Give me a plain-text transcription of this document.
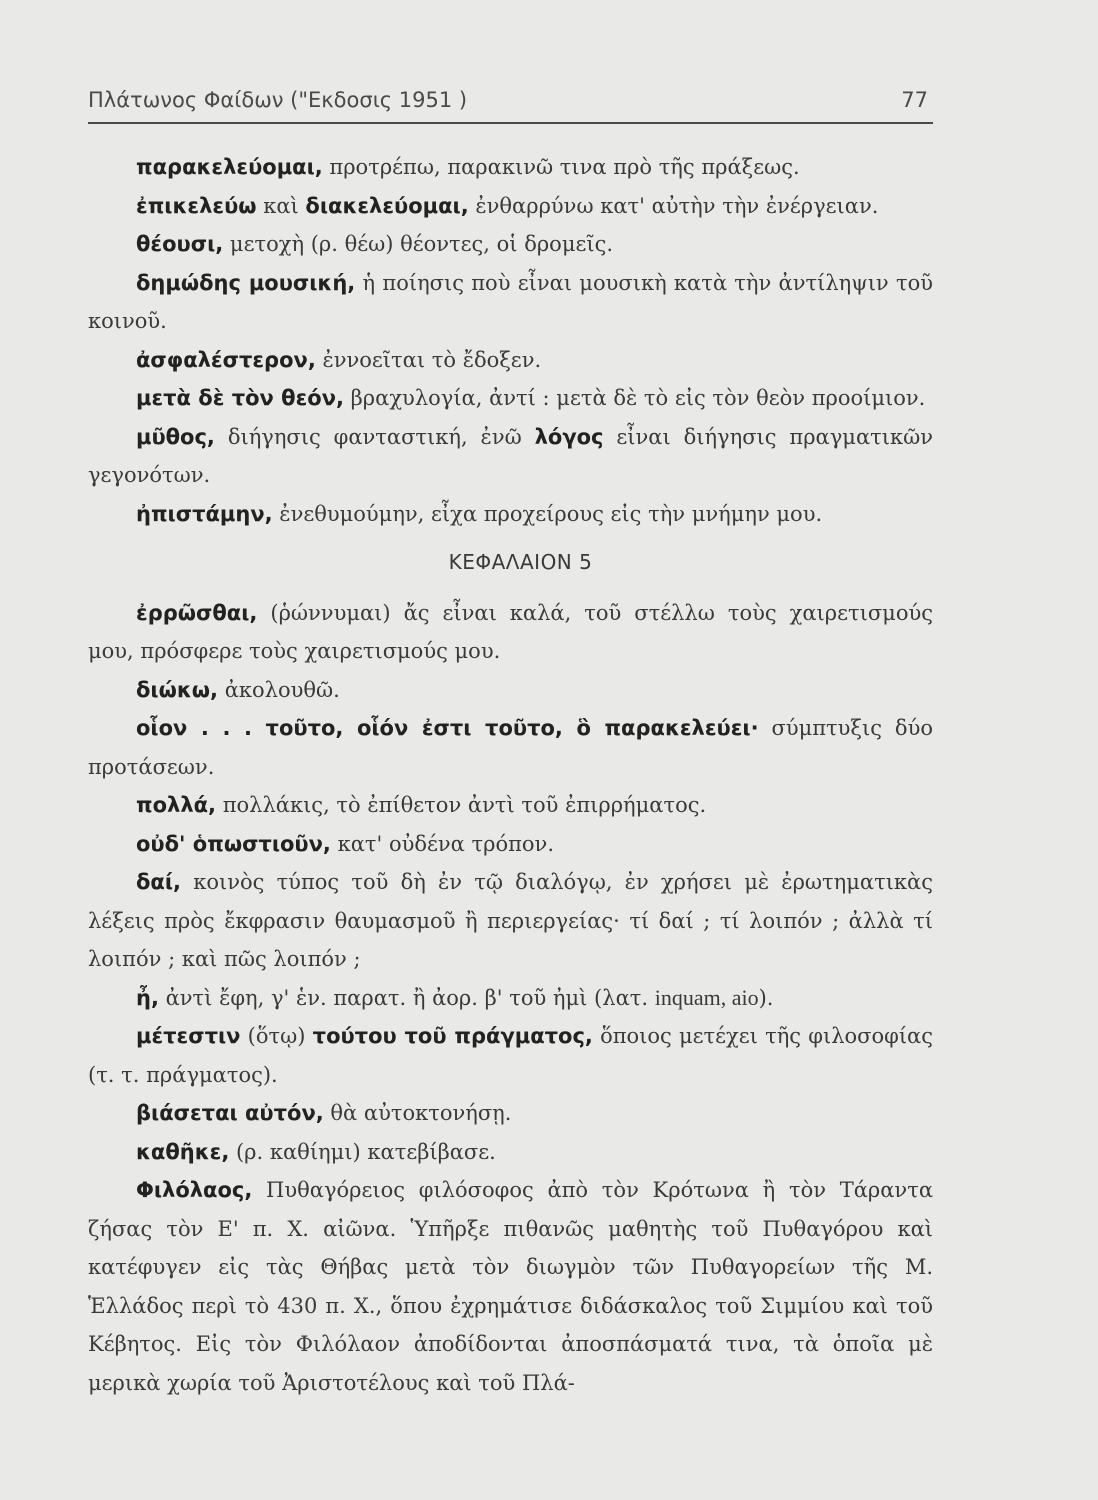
Πλάτωνος Φαίδων ("Εκδοσις 1951 )	77

παρακελεύομαι, προτρέπω, παρακινῶ τινα πρὸ τῆς πράξεως.

ἐπικελεύω καὶ διακελεύομαι, ἐνθαρρύνω κατ' αὐτὴν τὴν ἐνέργειαν.

θέουσι, μετοχὴ (ρ. θέω) θέοντες, οἱ δρομεῖς.

δημώδης μουσική, ἡ ποίησις ποὺ εἶναι μουσικὴ κατὰ τὴν ἀντίληψιν τοῦ κοινοῦ.

ἀσφαλέστερον, ἐννοεῖται τὸ ἔδοξεν.

μετὰ δὲ τὸν θεόν, βραχυλογία, ἀντί : μετὰ δὲ τὸ εἰς τὸν θεὸν προοίμιον.

μῦθος, διήγησις φανταστική, ἐνῶ λόγος εἶναι διήγησις πραγματικῶν γεγονότων.

ἠπιστάμην, ἐνεθυμούμην, εἶχα προχείρους εἰς τὴν μνήμην μου.

ΚΕΦΑΛΑΙΟΝ 5

ἐρρῶσθαι, (ῥώννυμαι) ἄς εἶναι καλά, τοῦ στέλλω τοὺς χαιρετισμούς μου, πρόσφερε τοὺς χαιρετισμούς μου.

διώκω, ἀκολουθῶ.

οἷον . . . τοῦτο, οἷόν ἐστι τοῦτο, ὃ παρακελεύει· σύμπτυξις δύο προτάσεων.

πολλά, πολλάκις, τὸ ἐπίθετον ἀντὶ τοῦ ἐπιρρήματος.

οὐδ' ὁπωστιοῦν, κατ' οὐδένα τρόπον.

δαί, κοινὸς τύπος τοῦ δὴ ἐν τῷ διαλόγῳ, ἐν χρήσει μὲ ἐρωτηματικὰς λέξεις πρὸς ἔκφρασιν θαυμασμοῦ ἢ περιεργείας· τί δαί ; τί λοιπόν ; ἀλλὰ τί λοιπόν ; καὶ πῶς λοιπόν ;

ἦ, ἀντὶ ἔφη, γ' ἑν. παρατ. ἢ ἀορ. β' τοῦ ἠμὶ (λατ. inquam, aio).

μέτεστιν (ὅτῳ) τούτου τοῦ πράγματος, ὅποιος μετέχει τῆς φιλοσοφίας (τ. τ. πράγματος).

βιάσεται αὐτόν, θὰ αὐτοκτονήσῃ.

καθῆκε, (ρ. καθίημι) κατεβίβασε.

Φιλόλαος, Πυθαγόρειος φιλόσοφος ἀπὸ τὸν Κρότωνα ἢ τὸν Τάραντα ζήσας τὸν Ε' π. Χ. αἰῶνα. Ὑπῆρξε πιθανῶς μαθητὴς τοῦ Πυθαγόρου καὶ κατέφυγεν εἰς τὰς Θήβας μετὰ τὸν διωγμὸν τῶν Πυθαγορείων τῆς Μ. Ἑλλάδος περὶ τὸ 430 π. Χ., ὅπου ἐχρημάτισε διδάσκαλος τοῦ Σιμμίου καὶ τοῦ Κέβητος. Εἰς τὸν Φιλόλαον ἀποδίδονται ἀποσπάσματά τινα, τὰ ὁποῖα μὲ μερικὰ χωρία τοῦ Ἀριστοτέλους καὶ τοῦ Πλά-
